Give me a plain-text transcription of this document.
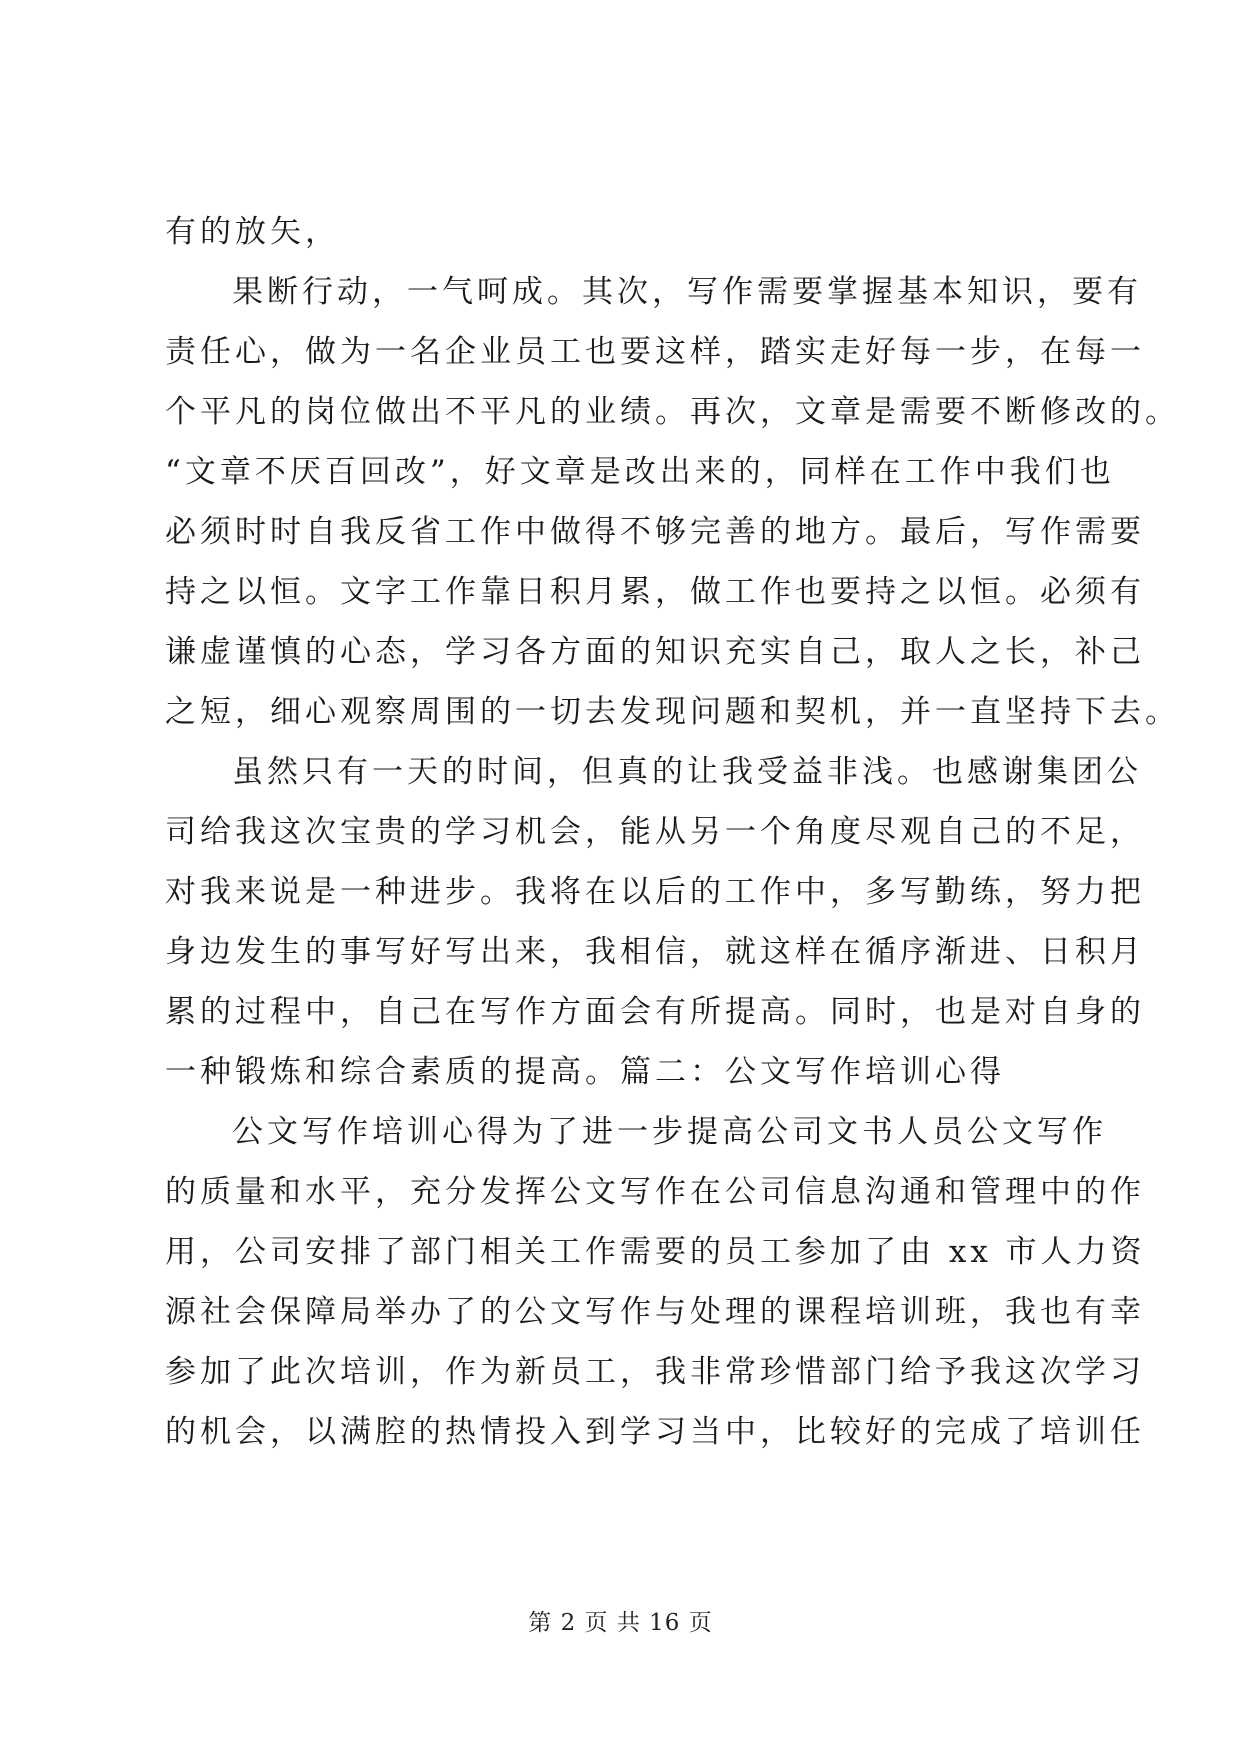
有的放矢，
果断行动，一气呵成。其次，写作需要掌握基本知识，要有
责任心，做为一名企业员工也要这样，踏实走好每一步，在每一
个平凡的岗位做出不平凡的业绩。再次，文章是需要不断修改的。
“文章不厌百回改”，好文章是改出来的，同样在工作中我们也
必须时时自我反省工作中做得不够完善的地方。最后，写作需要
持之以恒。文字工作靠日积月累，做工作也要持之以恒。必须有
谦虚谨慎的心态，学习各方面的知识充实自己，取人之长，补己
之短，细心观察周围的一切去发现问题和契机，并一直坚持下去。
虽然只有一天的时间，但真的让我受益非浅。也感谢集团公
司给我这次宝贵的学习机会，能从另一个角度尽观自己的不足，
对我来说是一种进步。我将在以后的工作中，多写勤练，努力把
身边发生的事写好写出来，我相信，就这样在循序渐进、日积月
累的过程中，自己在写作方面会有所提高。同时，也是对自身的
一种锻炼和综合素质的提高。篇二：公文写作培训心得
公文写作培训心得为了进一步提高公司文书人员公文写作
的质量和水平，充分发挥公文写作在公司信息沟通和管理中的作
用，公司安排了部门相关工作需要的员工参加了由 xx 市人力资
源社会保障局举办了的公文写作与处理的课程培训班，我也有幸
参加了此次培训，作为新员工，我非常珍惜部门给予我这次学习
的机会，以满腔的热情投入到学习当中，比较好的完成了培训任
第 2 页 共 16 页
